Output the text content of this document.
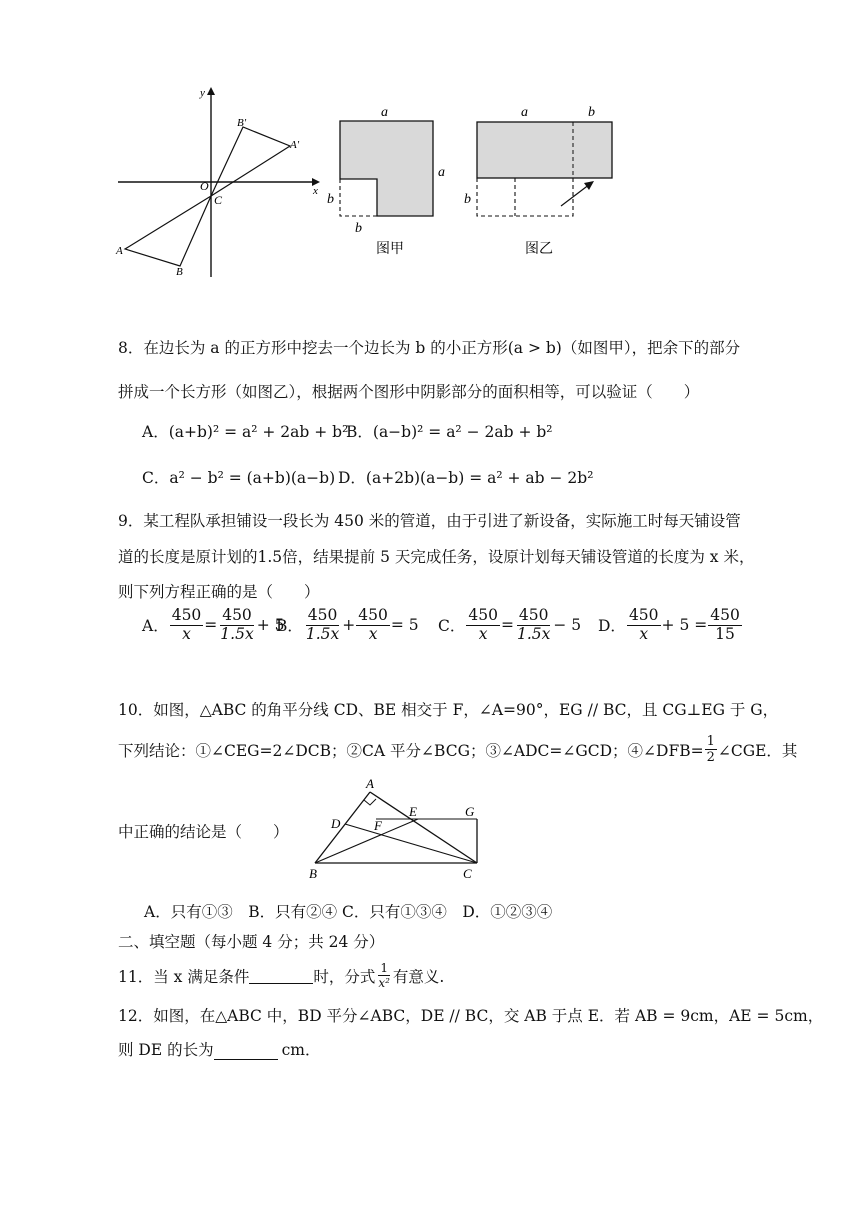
y
x
O
C
B'
A'
A
B
a
a
b
b
图甲
a	b
b
图乙
8．在边长为 a 的正方形中挖去一个边长为 b 的小正方形(a > b)（如图甲），把余下的部分
拼成一个长方形（如图乙），根据两个图形中阴影部分的面积相等，可以验证（　　）
A．(a+b)² = a² + 2ab + b²
B．(a−b)² = a² − 2ab + b²
C．a² − b² = (a+b)(a−b) D．(a+2b)(a−b) = a² + ab − 2b²
9．某工程队承担铺设一段长为 450 米的管道，由于引进了新设备，实际施工时每天铺设管
道的长度是原计划的1.5倍，结果提前 5 天完成任务，设原计划每天铺设管道的长度为 x 米，
则下列方程正确的是（　　）
A． $\frac{450}{x} = \frac{450}{1.5x} + 5$
B． $\frac{450}{1.5x} + \frac{450}{x} = 5$ C． $\frac{450}{x} = \frac{450}{1.5x} - 5$ D． $\frac{450}{x} + 5 = \frac{450}{15}$
10．如图，△ABC 的角平分线 CD、BE 相交于 F，∠A=90°，EG // BC，且 CG⊥EG 于 G，
下列结论：①∠CEG=2∠DCB；②CA 平分∠BCG；③∠ADC=∠GCD；④∠DFB= $\frac{1}{2}$ ∠CGE．其
中正确的结论是（　　）
A
D	F
E	G
B	C
A．只有①③　B．只有②④ C．只有①③④　D．①②③④
二、填空题（每小题 4 分；共 24 分）
11．当 x 满足条件	时，分式 $\frac{1}{\text{x²}}$ 有意义.
12．如图，在△ABC 中，BD 平分∠ABC，DE // BC，交 AB 于点 E．若 AB = 9cm，AE = 5cm，
则 DE 的长为	cm．
